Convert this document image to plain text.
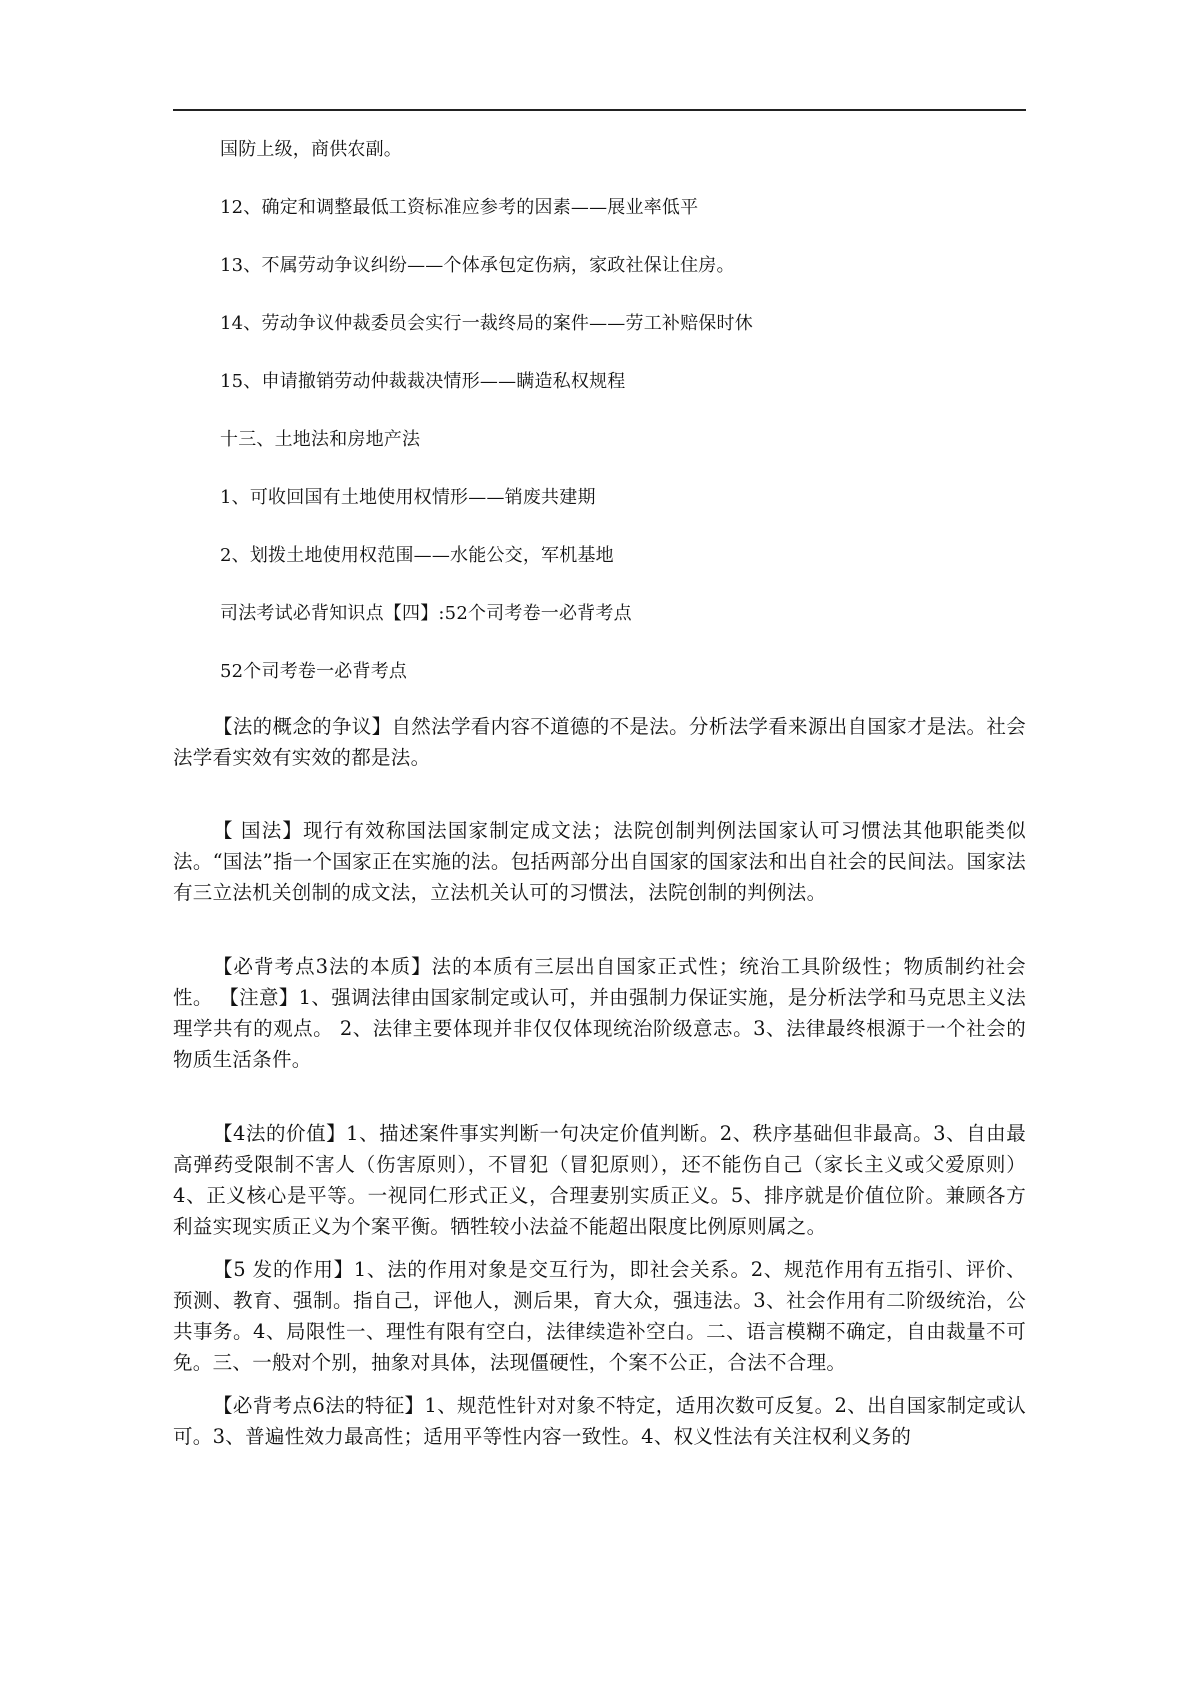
国防上级，商供农副。
12、确定和调整最低工资标准应参考的因素——展业率低平
13、不属劳动争议纠纷——个体承包定伤病，家政社保让住房。
14、劳动争议仲裁委员会实行一裁终局的案件——劳工补赔保时休
15、申请撤销劳动仲裁裁决情形——瞒造私权规程
十三、土地法和房地产法
1、可收回国有土地使用权情形——销废共建期
2、划拨土地使用权范围——水能公交，军机基地
司法考试必背知识点【四】:52个司考卷一必背考点
52个司考卷一必背考点
【法的概念的争议】自然法学看内容不道德的不是法。分析法学看来源出自国家才是法。社会法学看实效有实效的都是法。
【 国法】现行有效称国法国家制定成文法；法院创制判例法国家认可习惯法其他职能类似法。“国法”指一个国家正在实施的法。包括两部分出自国家的国家法和出自社会的民间法。国家法有三立法机关创制的成文法，立法机关认可的习惯法，法院创制的判例法。
【必背考点3法的本质】法的本质有三层出自国家正式性；统治工具阶级性；物质制约社会性。 【注意】1、强调法律由国家制定或认可，并由强制力保证实施，是分析法学和马克思主义法理学共有的观点。 2、法律主要体现并非仅仅体现统治阶级意志。3、法律最终根源于一个社会的物质生活条件。
【4法的价值】1、描述案件事实判断一句决定价值判断。2、秩序基础但非最高。3、自由最高弹药受限制不害人（伤害原则），不冒犯（冒犯原则），还不能伤自己（家长主义或父爱原则）4、正义核心是平等。一视同仁形式正义，合理妻别实质正义。5、排序就是价值位阶。兼顾各方利益实现实质正义为个案平衡。牺牲较小法益不能超出限度比例原则属之。
【5 发的作用】1、法的作用对象是交互行为，即社会关系。2、规范作用有五指引、评价、预测、教育、强制。指自己，评他人，测后果，育大众，强违法。3、社会作用有二阶级统治，公共事务。4、局限性一、理性有限有空白，法律续造补空白。二、语言模糊不确定，自由裁量不可免。三、一般对个别，抽象对具体，法现僵硬性，个案不公正，合法不合理。
【必背考点6法的特征】1、规范性针对对象不特定，适用次数可反复。2、出自国家制定或认可。3、普遍性效力最高性；适用平等性内容一致性。4、权义性法有关注权利义务的
